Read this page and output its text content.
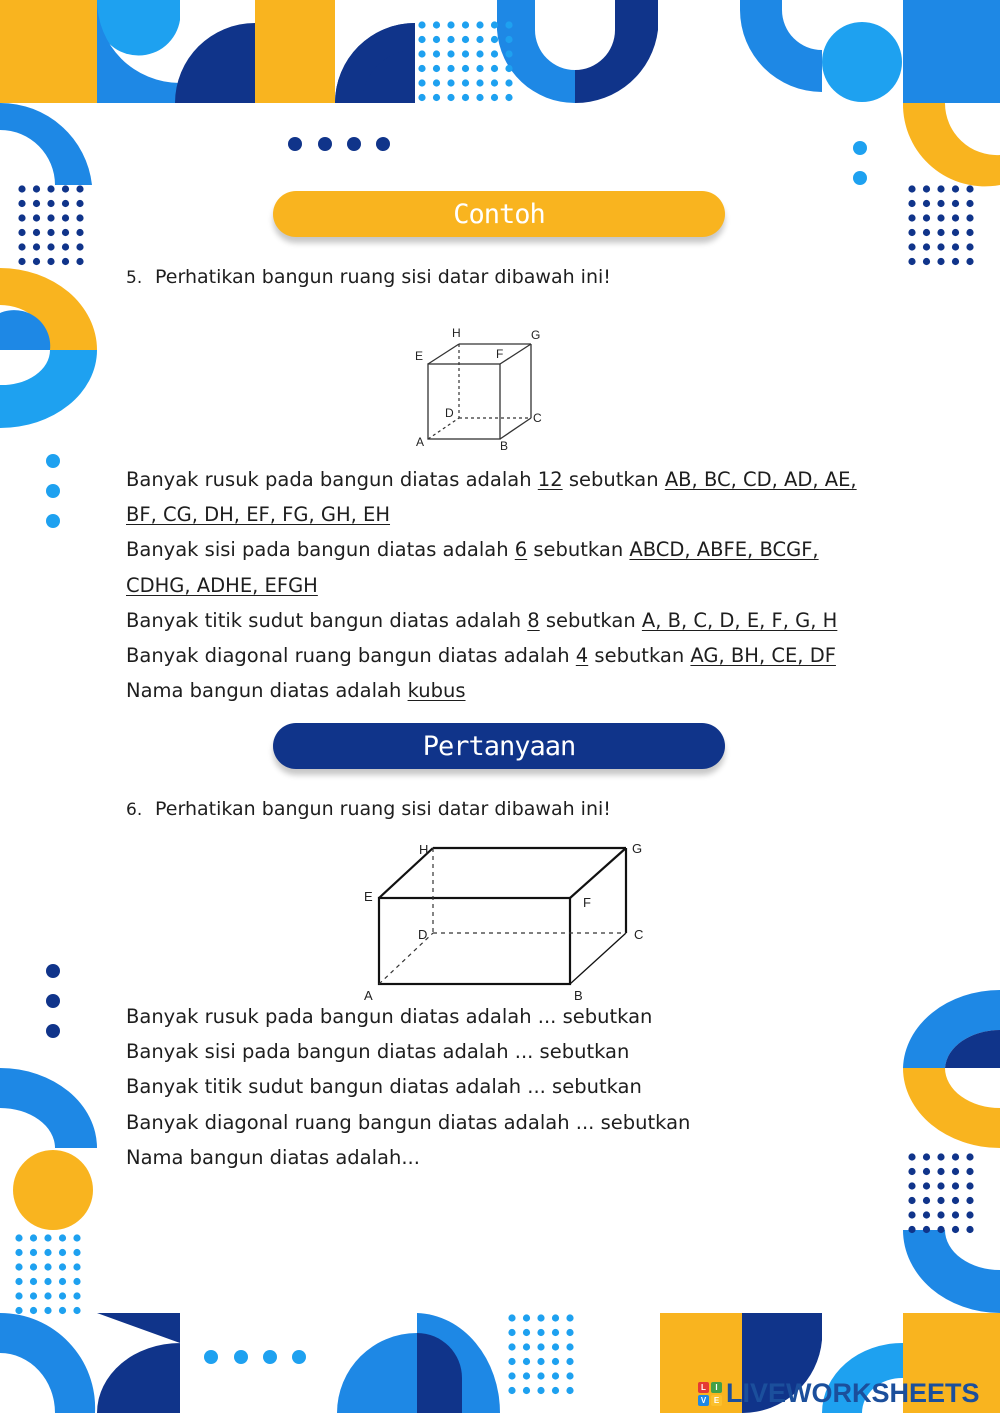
Contoh
5. Perhatikan bangun ruang sisi datar dibawah ini!
H	G
E	F
D	C
A	B

Banyak rusuk pada bangun diatas adalah 12 sebutkan AB, BC, CD, AD, AE, BF, CG, DH, EF, FG, GH, EH

Banyak sisi pada bangun diatas adalah 6 sebutkan ABCD, ABFE, BCGF, CDHG, ADHE, EFGH

Banyak titik sudut bangun diatas adalah 8 sebutkan A, B, C, D, E, F, G, H

Banyak diagonal ruang bangun diatas adalah 4 sebutkan AG, BH, CE, DF

Nama bangun diatas adalah kubus

Pertanyaan
6. Perhatikan bangun ruang sisi datar dibawah ini!
H	G
E	F
D	C
A	B

Banyak rusuk pada bangun diatas adalah ... sebutkan

Banyak sisi pada bangun diatas adalah ... sebutkan

Banyak titik sudut bangun diatas adalah ... sebutkan

Banyak diagonal ruang bangun diatas adalah ... sebutkan

Nama bangun diatas adalah...

L	I
V E LIVEWORKSHEETS
